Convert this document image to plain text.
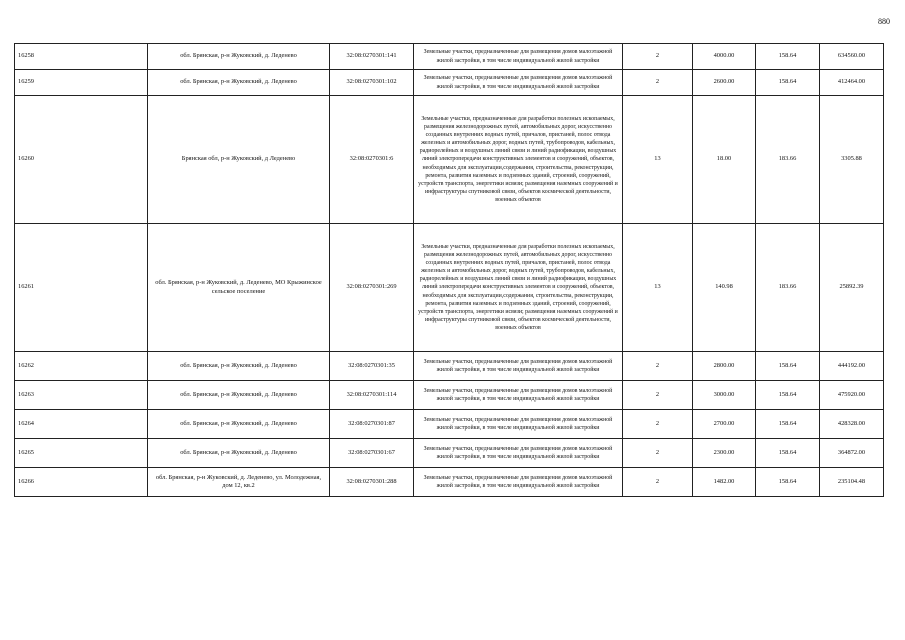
880
16258	обл. Брянская, р-н Жуковский, д. Леденево	32:08:0270301:141	Земельные участки, предназначенные для размещения домов малоэтажной жилой застройки, в том числе индивидуальной жилой застройки	2	4000.00	158.64	634560.00
16259	обл. Брянская, р-н Жуковский, д. Леденево	32:08:0270301:102	Земельные участки, предназначенные для размещения домов малоэтажной жилой застройки, в том числе индивидуальной жилой застройки	2	2600.00	158.64	412464.00
16260	Брянская обл, р-н Жуковский, д Леденево	32:08:0270301:6	Земельные участки, предназначенные для разработки полезных ископаемых, размещения железнодорожных путей, автомобильных дорог, искусственно созданных внутренних водных путей, причалов, пристаней, полос отвода железных и автомобильных дорог, водных путей, трубопроводов, кабельных, радиорелейных и воздушных линий связи и линий радиофикации, воздушных линий электропередачи конструктивных элементов и сооружений, объектов, необходимых для эксплуатации,содержания, строительства, реконструкции, ремонта, развития наземных и подземных зданий, строений, сооружений, устройств транспорта, энергетики исвязи; размещения наземных сооружений и инфраструктуры спутниковой связи, объектов космической деятельности, военных объектов	13	18.00	183.66	3305.88
16261	обл. Брянская, р-н Жуковский, д. Леденево, МО Крыжинское сельское поселение	32:08:0270301:269	Земельные участки, предназначенные для разработки полезных ископаемых, размещения железнодорожных путей, автомобильных дорог, искусственно созданных внутренних водных путей, причалов, пристаней, полос отвода железных и автомобильных дорог, водных путей, трубопроводов, кабельных, радиорелейных и воздушных линий связи и линий радиофикации, воздушных линий электропередачи конструктивных элементов и сооружений, объектов, необходимых для эксплуатации,содержания, строительства, реконструкции, ремонта, развития наземных и подземных зданий, строений, сооружений, устройств транспорта, энергетики исвязи; размещения наземных сооружений и инфраструктуры спутниковой связи, объектов космической деятельности, военных объектов	13	140.98	183.66	25892.39
16262	обл. Брянская, р-н Жуковский, д. Леденево	32:08:0270301:35	Земельные участки, предназначенные для размещения домов малоэтажной жилой застройки, в том числе индивидуальной жилой застройки	2	2800.00	158.64	444192.00
16263	обл. Брянская, р-н Жуковский, д. Леденево	32:08:0270301:114	Земельные участки, предназначенные для размещения домов малоэтажной жилой застройки, в том числе индивидуальной жилой застройки	2	3000.00	158.64	475920.00
16264	обл. Брянская, р-н Жуковский, д. Леденево	32:08:0270301:87	Земельные участки, предназначенные для размещения домов малоэтажной жилой застройки, в том числе индивидуальной жилой застройки	2	2700.00	158.64	428328.00
16265	обл. Брянская, р-н Жуковский, д. Леденево	32:08:0270301:67	Земельные участки, предназначенные для размещения домов малоэтажной жилой застройки, в том числе индивидуальной жилой застройки	2	2300.00	158.64	364872.00
16266	обл. Брянская, р-н Жуковский, д. Леденево, ул. Молодежная, дом 12, кв.2	32:08:0270301:288	Земельные участки, предназначенные для размещения домов малоэтажной жилой застройки, в том числе индивидуальной жилой застройки	2	1482.00	158.64	235104.48
